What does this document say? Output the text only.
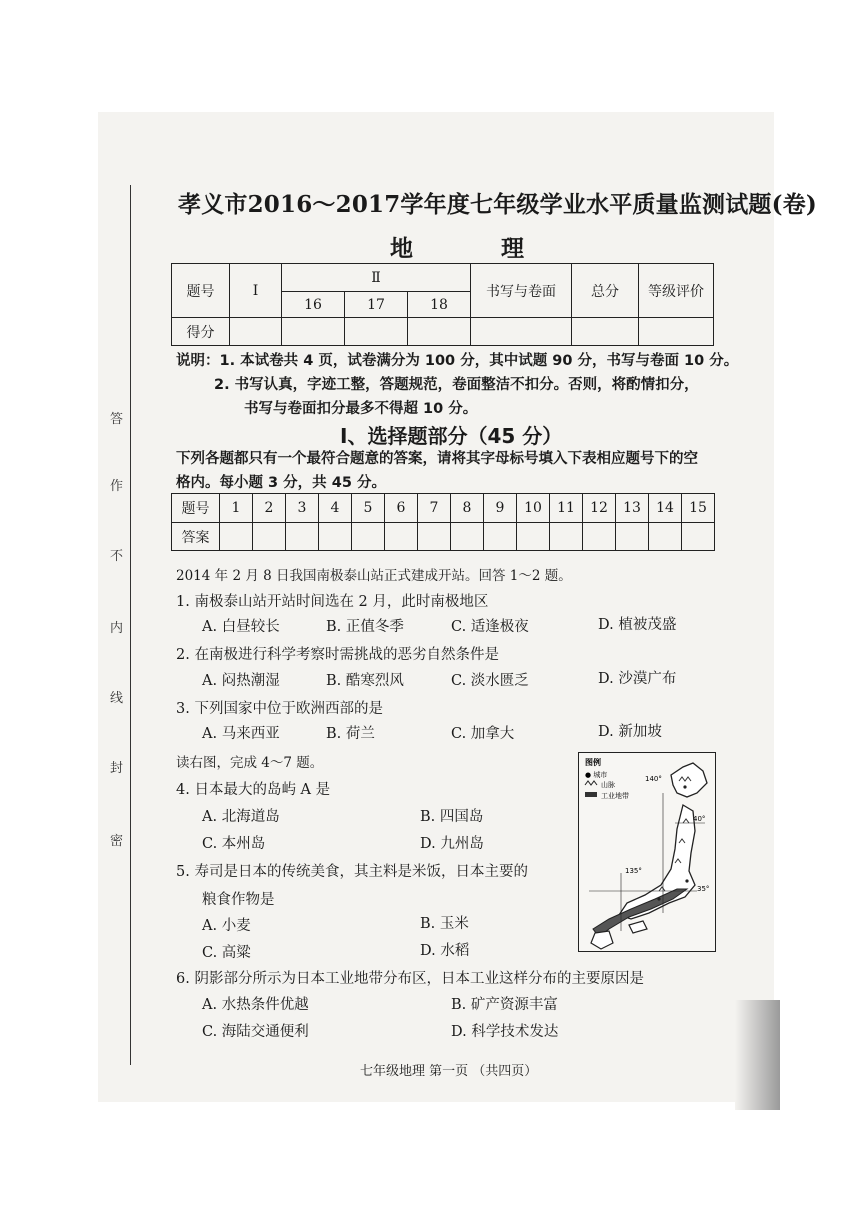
答
作
不
内
线
封
密
孝义市2016～2017学年度七年级学业水平质量监测试题(卷)
地 理
题号	Ⅰ	Ⅱ			书写与卷面	总分	等级评价
		16	17	18			
得分							
说明：1. 本试卷共 4 页，试卷满分为 100 分，其中试题 90 分，书写与卷面 10 分。
2. 书写认真，字迹工整，答题规范，卷面整洁不扣分。否则，将酌情扣分，
书写与卷面扣分最多不得超 10 分。
Ⅰ、选择题部分（45 分）
下列各题都只有一个最符合题意的答案，请将其字母标号填入下表相应题号下的空
格内。每小题 3 分，共 45 分。
题号	1	2	3	4	5	6	7	8	9	10	11	12	13	14	15
答案															
2014 年 2 月 8 日我国南极泰山站正式建成开站。回答 1～2 题。
1. 南极泰山站开站时间选在 2 月，此时南极地区
A. 白昼较长	B. 正值冬季	C. 适逢极夜	D. 植被茂盛
2. 在南极进行科学考察时需挑战的恶劣自然条件是
A. 闷热潮湿	B. 酷寒烈风	C. 淡水匮乏	D. 沙漠广布
3. 下列国家中位于欧洲西部的是
A. 马来西亚	B. 荷兰	C. 加拿大	D. 新加坡
读右图，完成 4～7 题。
4. 日本最大的岛屿 A 是
A. 北海道岛	B. 四国岛
C. 本州岛	D. 九州岛
5. 寿司是日本的传统美食，其主料是米饭，日本主要的
粮食作物是
A. 小麦	B. 玉米
C. 高粱	D. 水稻
6. 阴影部分所示为日本工业地带分布区，日本工业这样分布的主要原因是
A. 水热条件优越	B. 矿产资源丰富
C. 海陆交通便利	D. 科学技术发达
图例
● 城市
山脉
工业地带
140°
40°
135°
35°
七年级地理 第一页 （共四页）
